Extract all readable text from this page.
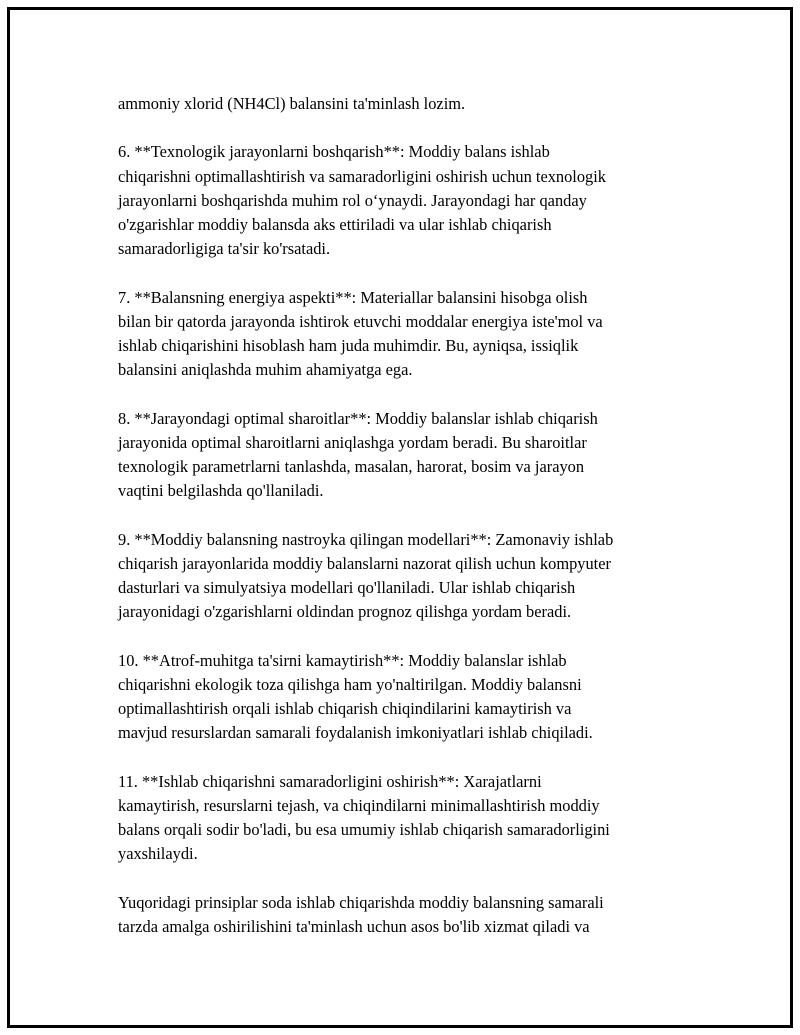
ammoniy xlorid (NH4Cl) balansini ta'minlash lozim.

6. **Texnologik jarayonlarni boshqarish**: Moddiy balans ishlab
chiqarishni optimallashtirish va samaradorligini oshirish uchun texnologik
jarayonlarni boshqarishda muhim rol o‘ynaydi. Jarayondagi har qanday
o'zgarishlar moddiy balansda aks ettiriladi va ular ishlab chiqarish
samaradorligiga ta'sir ko'rsatadi.

7. **Balansning energiya aspekti**: Materiallar balansini hisobga olish
bilan bir qatorda jarayonda ishtirok etuvchi moddalar energiya iste'mol va
ishlab chiqarishini hisoblash ham juda muhimdir. Bu, ayniqsa, issiqlik
balansini aniqlashda muhim ahamiyatga ega.

8. **Jarayondagi optimal sharoitlar**: Moddiy balanslar ishlab chiqarish
jarayonida optimal sharoitlarni aniqlashga yordam beradi. Bu sharoitlar
texnologik parametrlarni tanlashda, masalan, harorat, bosim va jarayon
vaqtini belgilashda qo'llaniladi.

9. **Moddiy balansning nastroyka qilingan modellari**: Zamonaviy ishlab
chiqarish jarayonlarida moddiy balanslarni nazorat qilish uchun kompyuter
dasturlari va simulyatsiya modellari qo'llaniladi. Ular ishlab chiqarish
jarayonidagi o'zgarishlarni oldindan prognoz qilishga yordam beradi.

10. **Atrof-muhitga ta'sirni kamaytirish**: Moddiy balanslar ishlab
chiqarishni ekologik toza qilishga ham yo'naltirilgan. Moddiy balansni
optimallashtirish orqali ishlab chiqarish chiqindilarini kamaytirish va
mavjud resurslardan samarali foydalanish imkoniyatlari ishlab chiqiladi.

11. **Ishlab chiqarishni samaradorligini oshirish**: Xarajatlarni
kamaytirish, resurslarni tejash, va chiqindilarni minimallashtirish moddiy
balans orqali sodir bo'ladi, bu esa umumiy ishlab chiqarish samaradorligini
yaxshilaydi.

Yuqoridagi prinsiplar soda ishlab chiqarishda moddiy balansning samarali
tarzda amalga oshirilishini ta'minlash uchun asos bo'lib xizmat qiladi va
